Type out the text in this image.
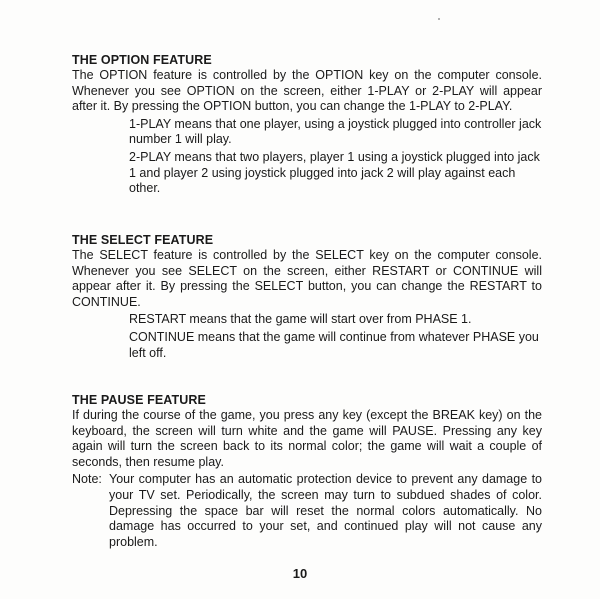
THE OPTION FEATURE

The OPTION feature is controlled by the OPTION key on the computer console. Whenever you see OPTION on the screen, either 1-PLAY or 2-PLAY will appear after it. By pressing the OPTION button, you can change the 1-PLAY to 2-PLAY.

1-PLAY means that one player, using a joystick plugged into controller jack number 1 will play.

2-PLAY means that two players, player 1 using a joystick plugged into jack 1 and player 2 using joystick plugged into jack 2 will play against each other.

THE SELECT FEATURE

The SELECT feature is controlled by the SELECT key on the computer console. Whenever you see SELECT on the screen, either RESTART or CONTINUE will appear after it. By pressing the SELECT button, you can change the RESTART to CONTINUE.

RESTART means that the game will start over from PHASE 1.

CONTINUE means that the game will continue from whatever PHASE you left off.

THE PAUSE FEATURE

If during the course of the game, you press any key (except the BREAK key) on the keyboard, the screen will turn white and the game will PAUSE. Pressing any key again will turn the screen back to its normal color; the game will wait a couple of seconds, then resume play.

Note: Your computer has an automatic protection device to prevent any damage to your TV set. Periodically, the screen may turn to subdued shades of color. Depressing the space bar will reset the normal colors automatically. No damage has occurred to your set, and continued play will not cause any problem.
10
